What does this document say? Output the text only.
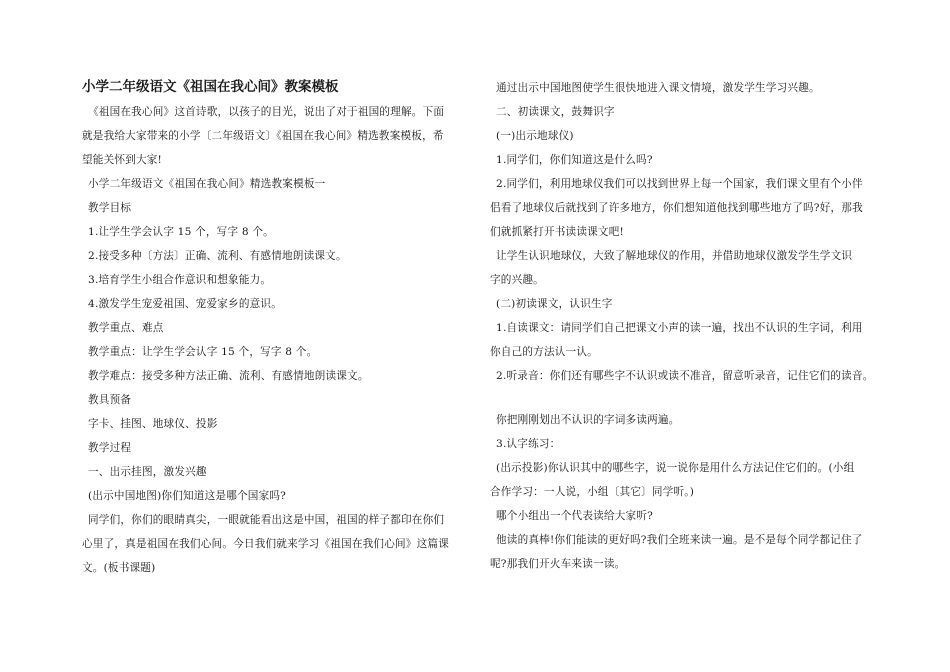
小学二年级语文《祖国在我心间》教案模板
《祖国在我心间》这首诗歌，以孩子的目光，说出了对于祖国的理解。下面
就是我给大家带来的小学〔二年级语文〕《祖国在我心间》精选教案模板，希
望能关怀到大家!
小学二年级语文《祖国在我心间》精选教案模板一
教学目标
1.让学生学会认字 15 个，写字 8 个。
2.接受多种〔方法〕正确、流利、有感情地朗读课文。
3.培育学生小组合作意识和想象能力。
4.激发学生宠爱祖国、宠爱家乡的意识。
教学重点、难点
教学重点：让学生学会认字 15 个，写字 8 个。
教学难点：接受多种方法正确、流利、有感情地朗读课文。
教具预备
字卡、挂图、地球仪、投影
教学过程
一、出示挂图，激发兴趣
(出示中国地图)你们知道这是哪个国家吗?
同学们，你们的眼睛真尖，一眼就能看出这是中国，祖国的样子都印在你们
心里了，真是祖国在我们心间。今日我们就来学习《祖国在我们心间》这篇课
文。(板书课题)
通过出示中国地图使学生很快地进入课文情境，激发学生学习兴趣。
二、初读课文，鼓舞识字
(一)出示地球仪)
1.同学们，你们知道这是什么吗?
2.同学们，利用地球仪我们可以找到世界上每一个国家，我们课文里有个小伴
侣看了地球仪后就找到了许多地方，你们想知道他找到哪些地方了吗?好，那我
们就抓紧打开书读读课文吧!
让学生认识地球仪，大致了解地球仪的作用，并借助地球仪激发学生学文识
字的兴趣。
(二)初读课文，认识生字
1.自读课文：请同学们自己把课文小声的读一遍，找出不认识的生字词，利用
你自己的方法认一认。
2.听录音：你们还有哪些字不认识或读不准音，留意听录音，记住它们的读音。
你把刚刚划出不认识的字词多读两遍。
3.认字练习：
(出示投影)你认识其中的哪些字，说一说你是用什么方法记住它们的。(小组
合作学习：一人说，小组〔其它〕同学听。)
哪个小组出一个代表读给大家听?
他读的真棒!你们能读的更好吗?我们全班来读一遍。是不是每个同学都记住了
呢?那我们开火车来读一读。
